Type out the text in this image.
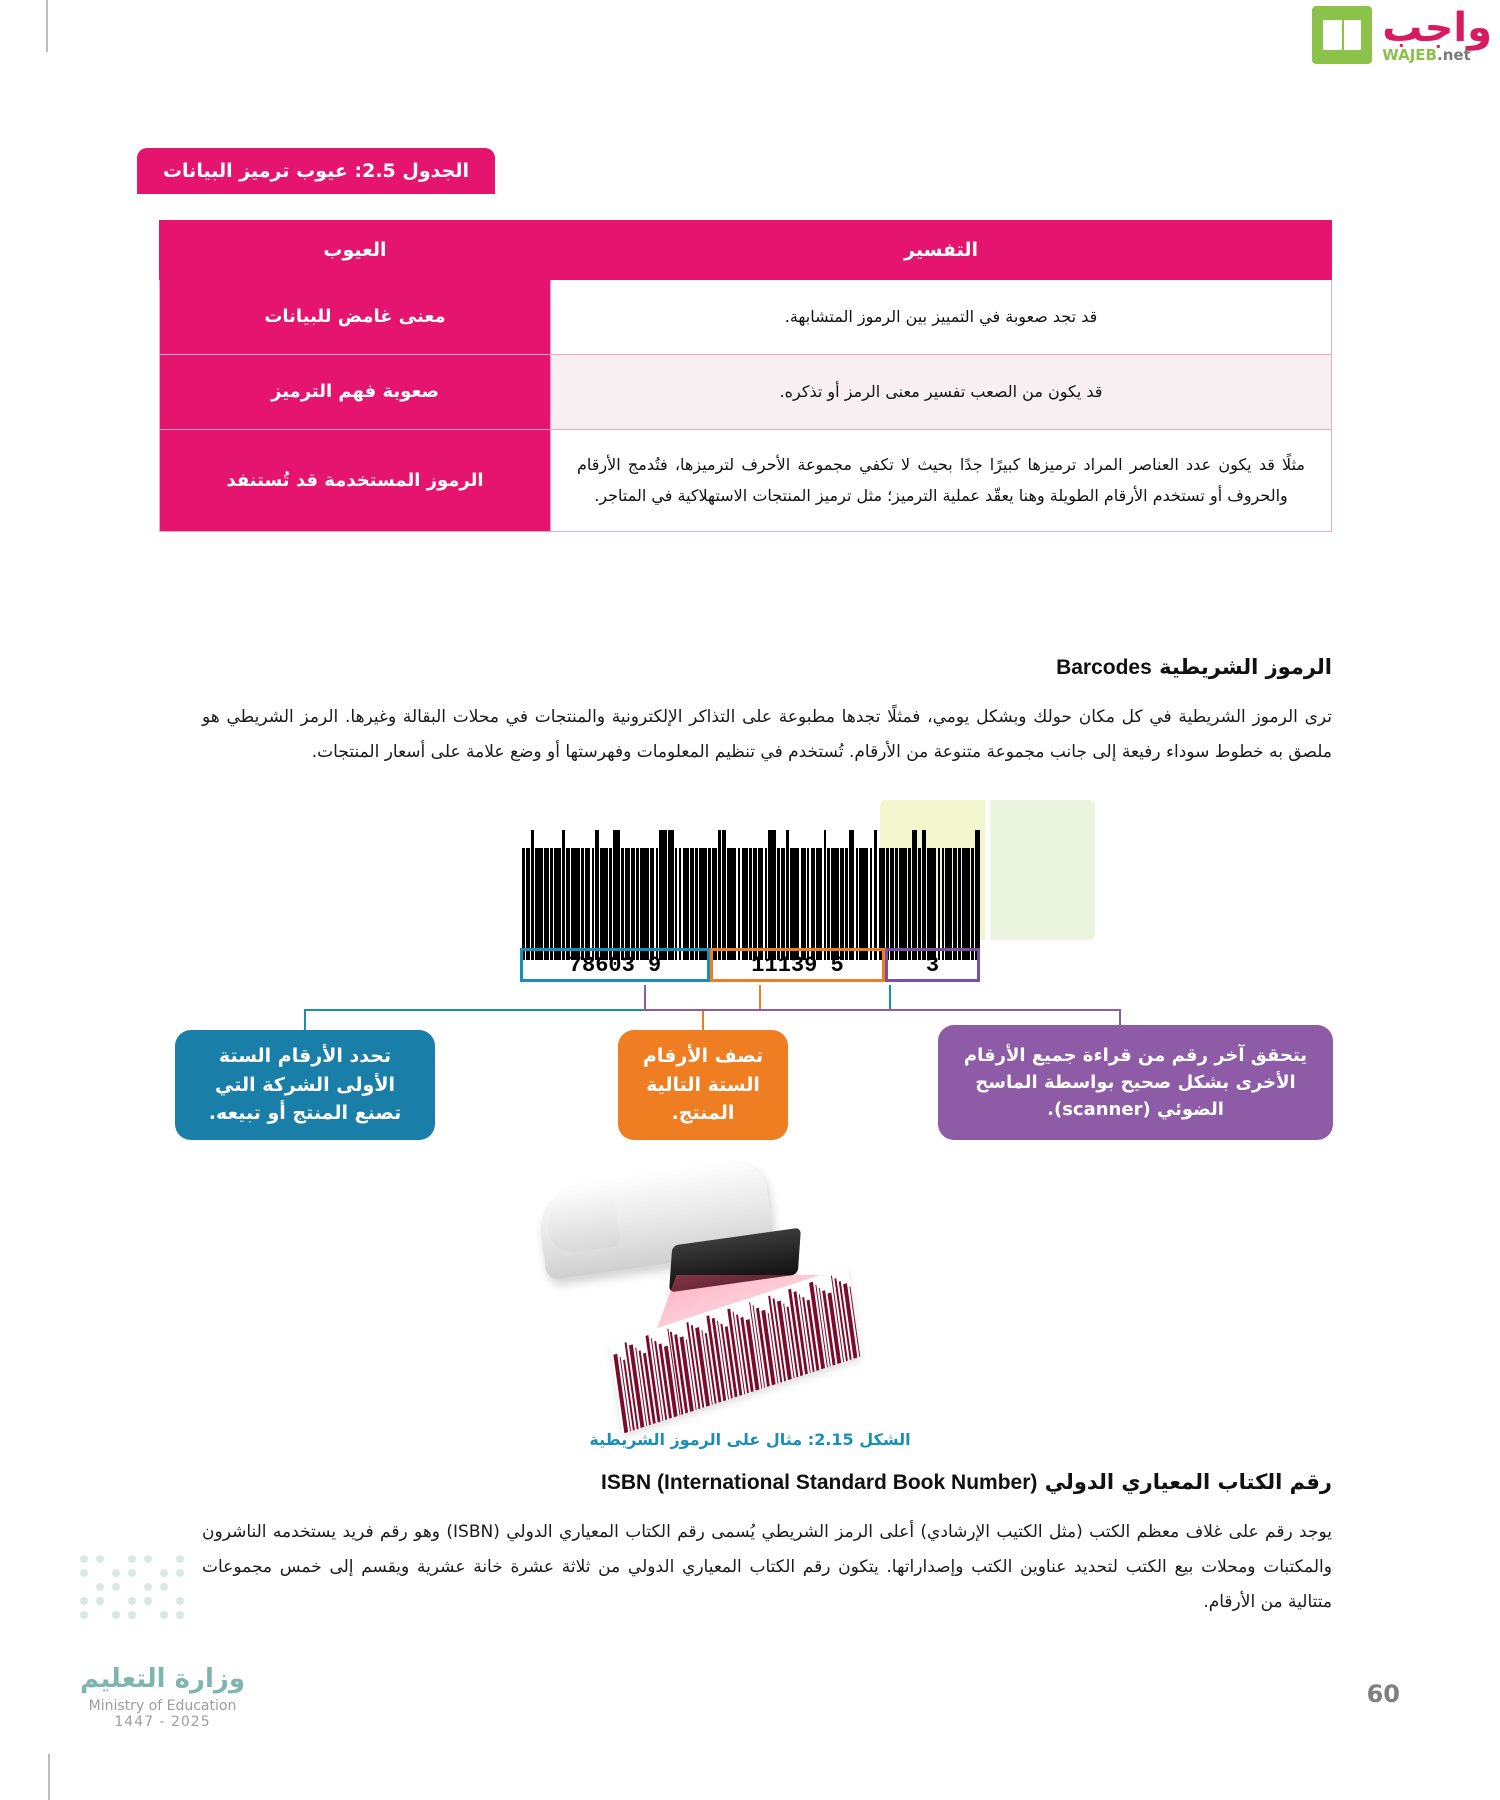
واجب
WAJEB.net
الجدول 2.5: عيوب ترميز البيانات
التفسير	العيوب
قد تجد صعوبة في التمييز بين الرموز المتشابهة.	معنى غامض للبيانات
قد يكون من الصعب تفسير معنى الرمز أو تذكره.	صعوبة فهم الترميز
مثلًا قد يكون عدد العناصر المراد ترميزها كبيرًا جدًا بحيث لا تكفي مجموعة الأحرف لترميزها، فتُدمج الأرقام والحروف أو تستخدم الأرقام الطويلة وهنا يعقّد عملية الترميز؛ مثل ترميز المنتجات الاستهلاكية في المتاجر.	الرموز المستخدمة قد تُستنفد
الرموز الشريطية Barcodes
ترى الرموز الشريطية في كل مكان حولك وبشكل يومي، فمثلًا تجدها مطبوعة على التذاكر الإلكترونية والمنتجات في محلات البقالة وغيرها. الرمز الشريطي هو ملصق به خطوط سوداء رفيعة إلى جانب مجموعة متنوعة من الأرقام. تُستخدم في تنظيم المعلومات وفهرستها أو وضع علامة على أسعار المنتجات.
3
5 11139
9 78603
تحدد الأرقام الستة الأولى الشركة التي تصنع المنتج أو تبيعه.
تصف الأرقام الستة التالية المنتج.
يتحقق آخر رقم من قراءة جميع الأرقام الأخرى بشكل صحيح بواسطة الماسح الضوئي (scanner).
الشكل 2.15: مثال على الرموز الشريطية
رقم الكتاب المعياري الدولي ISBN (International Standard Book Number)
يوجد رقم على غلاف معظم الكتب (مثل الكتيب الإرشادي) أعلى الرمز الشريطي يُسمى رقم الكتاب المعياري الدولي (ISBN) وهو رقم فريد يستخدمه الناشرون والمكتبات ومحلات بيع الكتب لتحديد عناوين الكتب وإصداراتها. يتكون رقم الكتاب المعياري الدولي من ثلاثة عشرة خانة عشرية ويقسم إلى خمس مجموعات متتالية من الأرقام.
وزارة التعليم
Ministry of Education
2025 - 1447
60
